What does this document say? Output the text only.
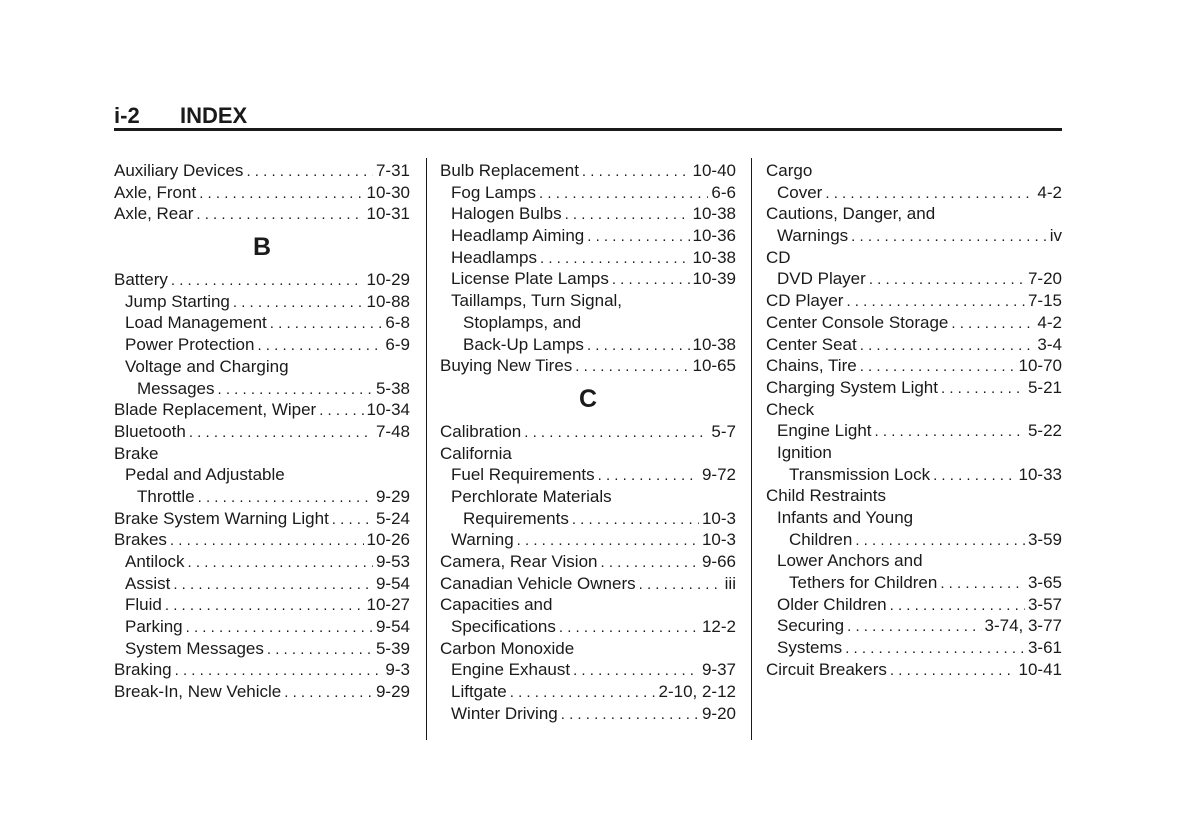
i-2 INDEX
Auxiliary Devices . . .	7-31
Axle, Front . . .	10-30
Axle, Rear . . .	10-31
B
Battery . . .	10-29
Jump Starting . . .	10-88
Load Management . . .	6-8
Power Protection . . .	6-9
Voltage and Charging
Messages . . .	5-38
Blade Replacement, Wiper . . .	10-34
Bluetooth . . .	7-48
Brake
Pedal and Adjustable
Throttle . . .	9-29
Brake System Warning Light . . .	5-24
Brakes . . .	10-26
Antilock . . .	9-53
Assist . . .	9-54
Fluid . . .	10-27
Parking . . .	9-54
System Messages . . .	5-39
Braking . . .	9-3
Break-In, New Vehicle . . .	9-29
Bulb Replacement . . .	10-40
Fog Lamps . . .	6-6
Halogen Bulbs . . .	10-38
Headlamp Aiming . . .	10-36
Headlamps . . .	10-38
License Plate Lamps . . .	10-39
Taillamps, Turn Signal,
Stoplamps, and
Back-Up Lamps . . .	10-38
Buying New Tires . . .	10-65
C
Calibration . . .	5-7
California
Fuel Requirements . . .	9-72
Perchlorate Materials
Requirements . . .	10-3
Warning . . .	10-3
Camera, Rear Vision . . .	9-66
Canadian Vehicle Owners . . .	iii
Capacities and
Specifications . . .	12-2
Carbon Monoxide
Engine Exhaust . . .	9-37
Liftgate . . .	2-10, 2-12
Winter Driving . . .	9-20
Cargo
Cover . . .	4-2
Cautions, Danger, and
Warnings . . .	iv
CD
DVD Player . . .	7-20
CD Player . . .	7-15
Center Console Storage . . .	4-2
Center Seat . . .	3-4
Chains, Tire . . .	10-70
Charging System Light . . .	5-21
Check
Engine Light . . .	5-22
Ignition
Transmission Lock . . .	10-33
Child Restraints
Infants and Young
Children . . .	3-59
Lower Anchors and
Tethers for Children . . .	3-65
Older Children . . .	3-57
Securing . . .	3-74, 3-77
Systems . . .	3-61
Circuit Breakers . . .	10-41
